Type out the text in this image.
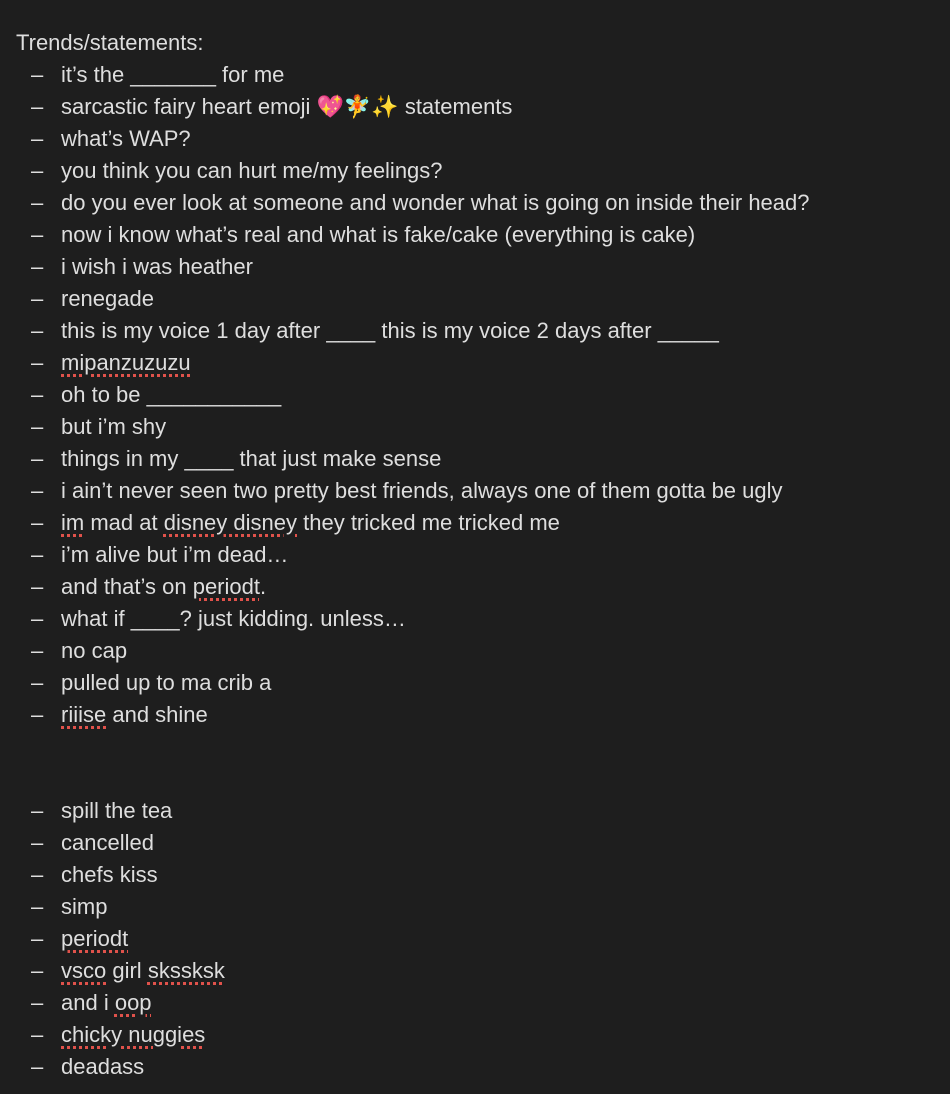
Trends/statements:
– it’s the _______ for me
– sarcastic fairy heart emoji 💖🧚✨ statements
– what’s WAP?
– you think you can hurt me/my feelings?
– do you ever look at someone and wonder what is going on inside their head?
– now i know what’s real and what is fake/cake (everything is cake)
– i wish i was heather
– renegade
– this is my voice 1 day after ____ this is my voice 2 days after _____
– mipanzuzuzu
– oh to be ___________
– but i’m shy
– things in my ____ that just make sense
– i ain’t never seen two pretty best friends, always one of them gotta be ugly
– im mad at disney disney they tricked me tricked me
– i’m alive but i’m dead…
– and that’s on periodt.
– what if ____? just kidding. unless…
– no cap
– pulled up to ma crib a
– riiise and shine
– spill the tea
– cancelled
– chefs kiss
– simp
– periodt
– vsco girl skssksk
– and i oop
– chicky nuggies
– deadass
